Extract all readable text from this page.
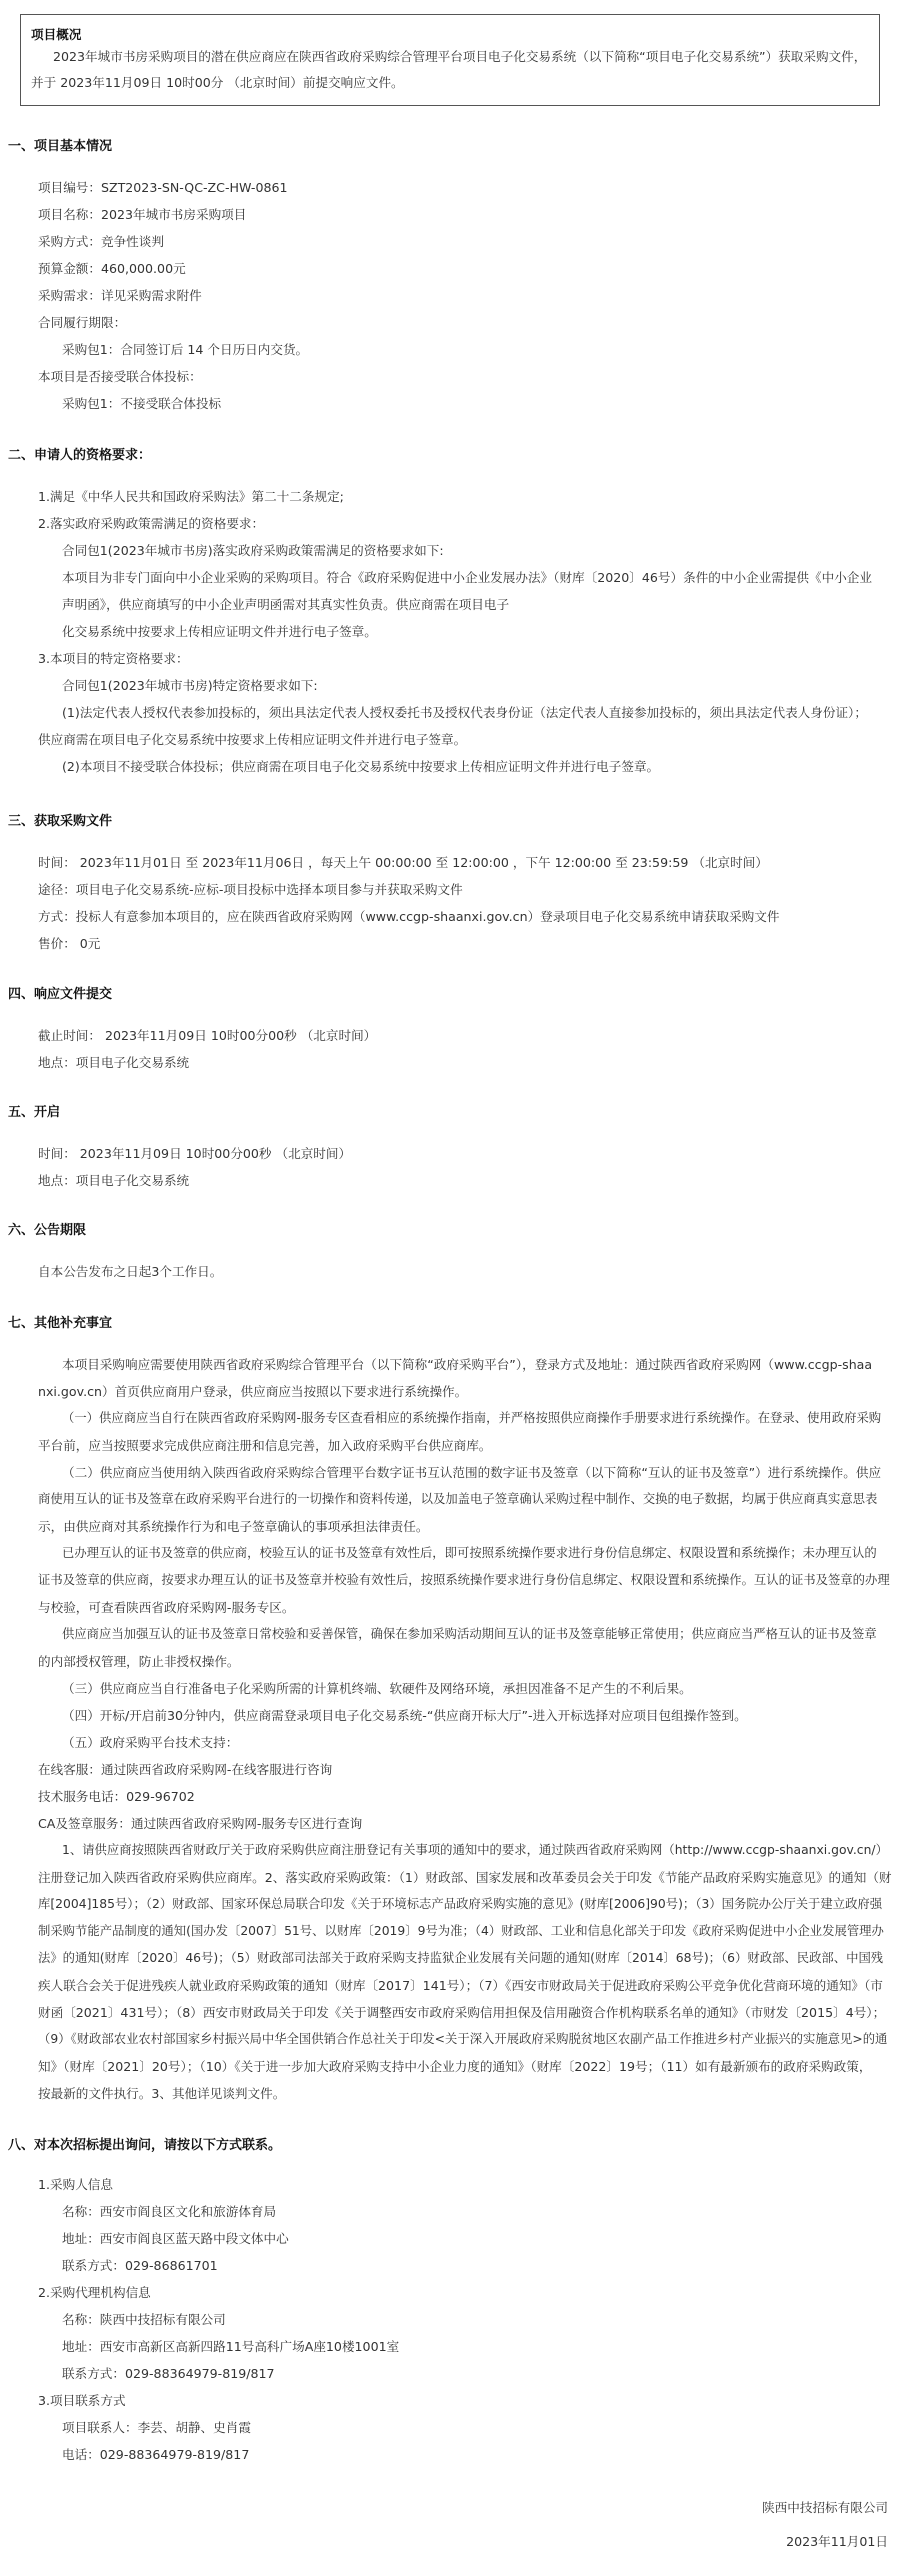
项目概况
2023年城市书房采购项目的潜在供应商应在陕西省政府采购综合管理平台项目电子化交易系统（以下简称“项目电子化交易系统”）获取采购文件，
并于 2023年11月09日 10时00分 （北京时间）前提交响应文件。
一、项目基本情况
项目编号：SZT2023-SN-QC-ZC-HW-0861
项目名称：2023年城市书房采购项目
采购方式：竞争性谈判
预算金额：460,000.00元
采购需求：详见采购需求附件
合同履行期限：
采购包1：合同签订后 14 个日历日内交货。
本项目是否接受联合体投标：
采购包1：不接受联合体投标
二、申请人的资格要求：
1.满足《中华人民共和国政府采购法》第二十二条规定;
2.落实政府采购政策需满足的资格要求：
合同包1(2023年城市书房)落实政府采购政策需满足的资格要求如下:
本项目为非专门面向中小企业采购的采购项目。符合《政府采购促进中小企业发展办法》（财库〔2020〕46号）条件的中小企业需提供《中小企业
声明函》，供应商填写的中小企业声明函需对其真实性负责。供应商需在项目电子
化交易系统中按要求上传相应证明文件并进行电子签章。
3.本项目的特定资格要求：
合同包1(2023年城市书房)特定资格要求如下:
(1)法定代表人授权代表参加投标的，须出具法定代表人授权委托书及授权代表身份证（法定代表人直接参加投标的，须出具法定代表人身份证）；
供应商需在项目电子化交易系统中按要求上传相应证明文件并进行电子签章。
(2)本项目不接受联合体投标；供应商需在项目电子化交易系统中按要求上传相应证明文件并进行电子签章。
三、获取采购文件
时间： 2023年11月01日 至 2023年11月06日 ，每天上午 00:00:00 至 12:00:00 ，下午 12:00:00 至 23:59:59 （北京时间）
途径：项目电子化交易系统-应标-项目投标中选择本项目参与并获取采购文件
方式：投标人有意参加本项目的，应在陕西省政府采购网（www.ccgp-shaanxi.gov.cn）登录项目电子化交易系统申请获取采购文件
售价： 0元
四、响应文件提交
截止时间： 2023年11月09日 10时00分00秒 （北京时间）
地点：项目电子化交易系统
五、开启
时间： 2023年11月09日 10时00分00秒 （北京时间）
地点：项目电子化交易系统
六、公告期限
自本公告发布之日起3个工作日。
七、其他补充事宜
本项目采购响应需要使用陕西省政府采购综合管理平台（以下简称“政府采购平台”），登录方式及地址：通过陕西省政府采购网（www.ccgp-shaa
nxi.gov.cn）首页供应商用户登录，供应商应当按照以下要求进行系统操作。
（一）供应商应当自行在陕西省政府采购网-服务专区查看相应的系统操作指南，并严格按照供应商操作手册要求进行系统操作。在登录、使用政府采购
平台前，应当按照要求完成供应商注册和信息完善，加入政府采购平台供应商库。
（二）供应商应当使用纳入陕西省政府采购综合管理平台数字证书互认范围的数字证书及签章（以下简称“互认的证书及签章”）进行系统操作。供应
商使用互认的证书及签章在政府采购平台进行的一切操作和资料传递，以及加盖电子签章确认采购过程中制作、交换的电子数据，均属于供应商真实意思表
示，由供应商对其系统操作行为和电子签章确认的事项承担法律责任。
已办理互认的证书及签章的供应商，校验互认的证书及签章有效性后，即可按照系统操作要求进行身份信息绑定、权限设置和系统操作；未办理互认的
证书及签章的供应商，按要求办理互认的证书及签章并校验有效性后，按照系统操作要求进行身份信息绑定、权限设置和系统操作。互认的证书及签章的办理
与校验，可查看陕西省政府采购网-服务专区。
供应商应当加强互认的证书及签章日常校验和妥善保管，确保在参加采购活动期间互认的证书及签章能够正常使用；供应商应当严格互认的证书及签章
的内部授权管理，防止非授权操作。
（三）供应商应当自行准备电子化采购所需的计算机终端、软硬件及网络环境，承担因准备不足产生的不利后果。
（四）开标/开启前30分钟内，供应商需登录项目电子化交易系统-“供应商开标大厅”-进入开标选择对应项目包组操作签到。
（五）政府采购平台技术支持：
在线客服：通过陕西省政府采购网-在线客服进行咨询
技术服务电话：029-96702
CA及签章服务：通过陕西省政府采购网-服务专区进行查询
1、请供应商按照陕西省财政厅关于政府采购供应商注册登记有关事项的通知中的要求，通过陕西省政府采购网（http://www.ccgp-shaanxi.gov.cn/）
注册登记加入陕西省政府采购供应商库。2、落实政府采购政策：（1）财政部、国家发展和改革委员会关于印发《节能产品政府采购实施意见》的通知（财
库[2004]185号）；（2）财政部、国家环保总局联合印发《关于环境标志产品政府采购实施的意见》(财库[2006]90号)；（3）国务院办公厅关于建立政府强
制采购节能产品制度的通知(国办发〔2007〕51号、以财库〔2019〕9号为准；（4）财政部、工业和信息化部关于印发《政府采购促进中小企业发展管理办
法》的通知(财库〔2020〕46号)；（5）财政部司法部关于政府采购支持监狱企业发展有关问题的通知(财库〔2014〕68号)；（6）财政部、民政部、中国残
疾人联合会关于促进残疾人就业政府采购政策的通知（财库〔2017〕141号）；（7）《西安市财政局关于促进政府采购公平竞争优化营商环境的通知》（市
财函〔2021〕431号）；（8）西安市财政局关于印发《关于调整西安市政府采购信用担保及信用融资合作机构联系名单的通知》（市财发〔2015〕4号）；
（9）《财政部农业农村部国家乡村振兴局中华全国供销合作总社关于印发<关于深入开展政府采购脱贫地区农副产品工作推进乡村产业振兴的实施意见>的通
知》（财库〔2021〕20号）；（10）《关于进一步加大政府采购支持中小企业力度的通知》（财库〔2022〕19号；（11）如有最新颁布的政府采购政策，
按最新的文件执行。3、其他详见谈判文件。
八、对本次招标提出询问，请按以下方式联系。
1.采购人信息
名称：西安市阎良区文化和旅游体育局
地址：西安市阎良区蓝天路中段文体中心
联系方式：029-86861701
2.采购代理机构信息
名称：陕西中技招标有限公司
地址：西安市高新区高新四路11号高科广场A座10楼1001室
联系方式：029-88364979-819/817
3.项目联系方式
项目联系人：李芸、胡静、史肖霞
电话：029-88364979-819/817
陕西中技招标有限公司
2023年11月01日
